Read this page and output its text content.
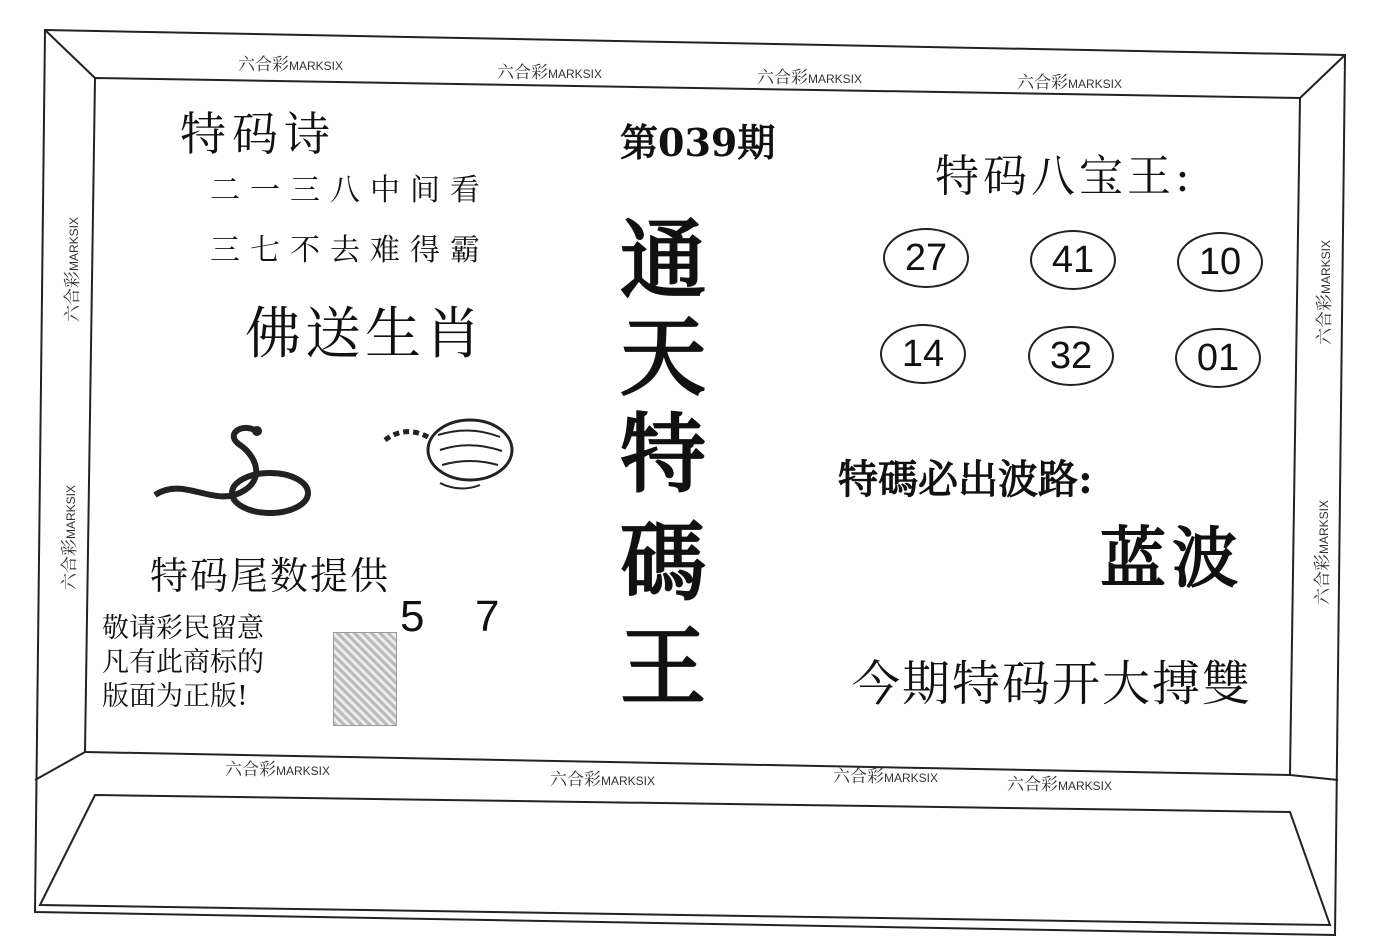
六合彩MARKSIX	六合彩MARKSIX	六合彩MARKSIX	六合彩MARKSIX
六合彩MARKSIX	六合彩MARKSIX	六合彩MARKSIX	六合彩MARKSIX
六合彩MARKSIX
六合彩MARKSIX
六合彩MARKSIX
六合彩MARKSIX
特码诗
二一三八中间看
三七不去难得霸
佛送生肖
特码尾数提供
5 7
敬请彩民留意
凡有此商标的
版面为正版!
第039期
通
天
特
碼
王
特码八宝王:
27	41	10
14	32	01
特碼必出波路:
蓝波
今期特码开大搏雙
